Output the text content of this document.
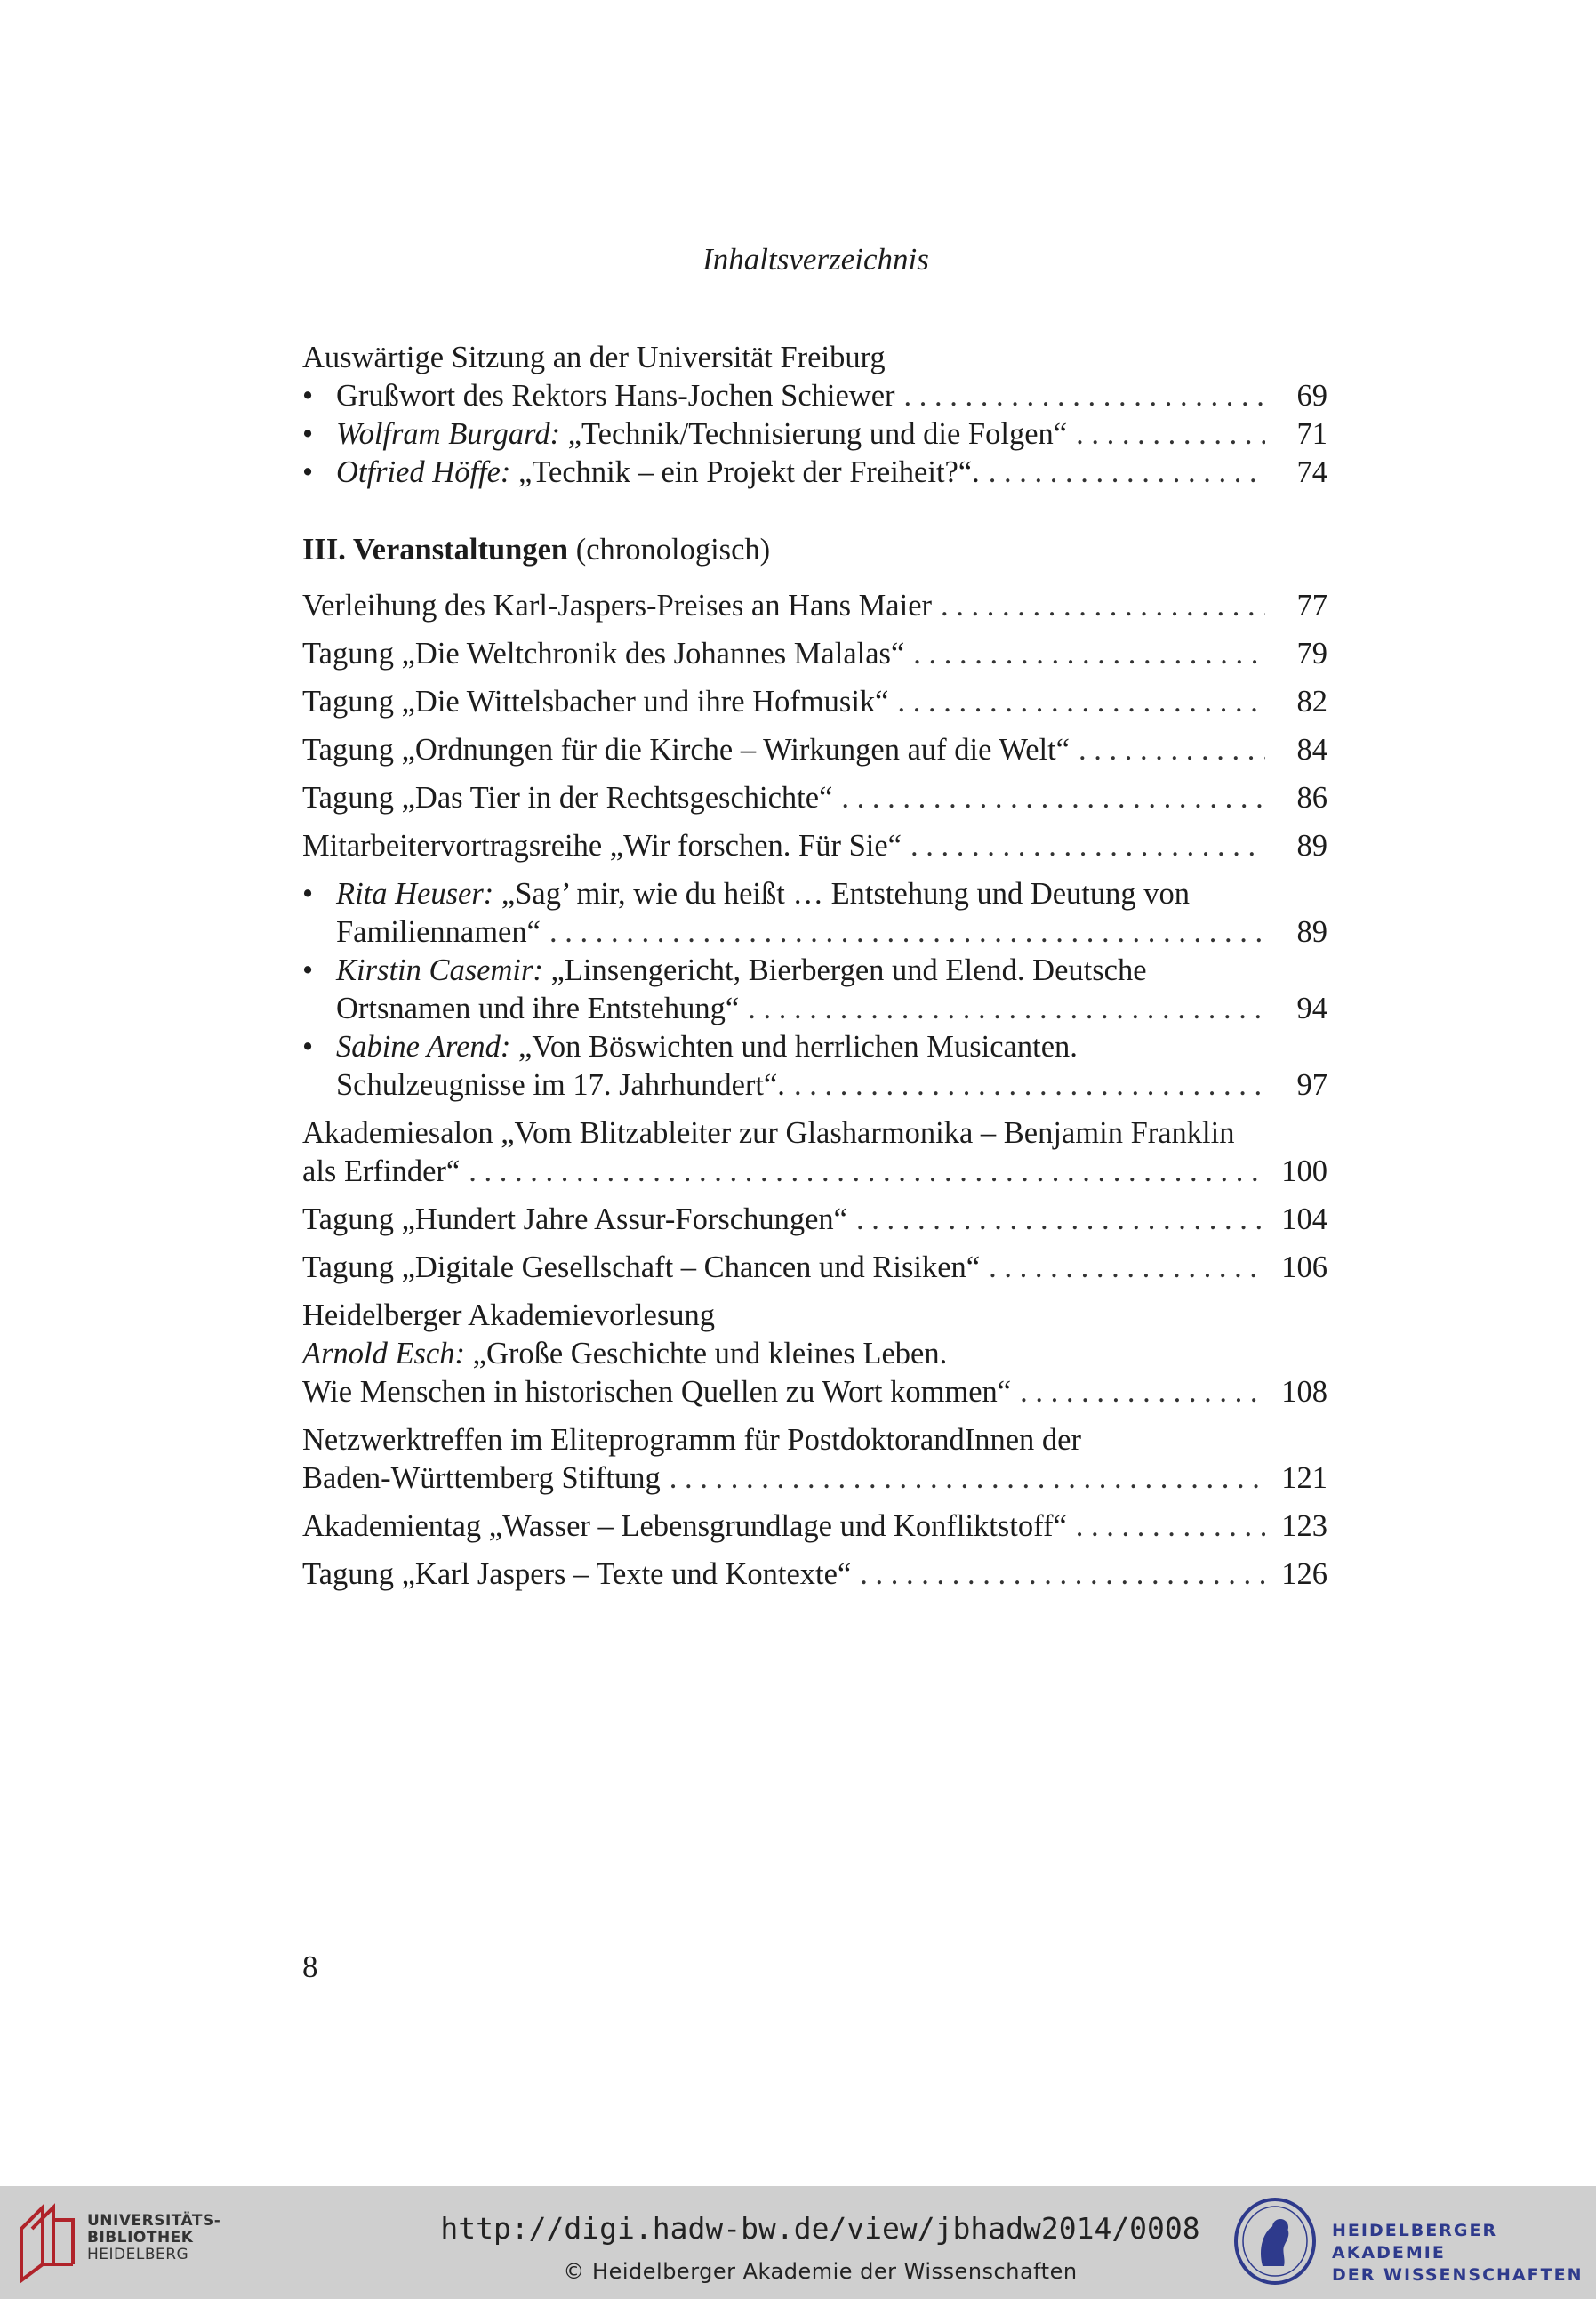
Inhaltsverzeichnis
Auswärtige Sitzung an der Universität Freiburg
• Grußwort des Rektors Hans-Jochen Schiewer . . .	69
• Wolfram Burgard: „Technik/Technisierung und die Folgen“ . . .	71
• Otfried Höffe: „Technik – ein Projekt der Freiheit?“. . . .	74
III. Veranstaltungen (chronologisch)
Verleihung des Karl-Jaspers-Preises an Hans Maier . . .	77
Tagung „Die Weltchronik des Johannes Malalas“ . . .	79
Tagung „Die Wittelsbacher und ihre Hofmusik“ . . .	82
Tagung „Ordnungen für die Kirche – Wirkungen auf die Welt“ . . .	84
Tagung „Das Tier in der Rechtsgeschichte“ . . .	86
Mitarbeitervortragsreihe „Wir forschen. Für Sie“ . . .	89
• Rita Heuser: „Sag’ mir, wie du heißt … Entstehung und Deutung von
Familiennamen“ . . .	89
• Kirstin Casemir: „Linsengericht, Bierbergen und Elend. Deutsche
Ortsnamen und ihre Entstehung“ . . .	94
• Sabine Arend: „Von Böswichten und herrlichen Musicanten.
Schulzeugnisse im 17. Jahrhundert“. . . .	97
Akademiesalon „Vom Blitzableiter zur Glasharmonika – Benjamin Franklin
als Erfinder“ . . .	100
Tagung „Hundert Jahre Assur-Forschungen“ . . .	104
Tagung „Digitale Gesellschaft – Chancen und Risiken“ . . .	106
Heidelberger Akademievorlesung
Arnold Esch: „Große Geschichte und kleines Leben.
Wie Menschen in historischen Quellen zu Wort kommen“ . . .	108
Netzwerktreffen im Eliteprogramm für PostdoktorandInnen der
Baden-Württemberg Stiftung . . .	121
Akademientag „Wasser – Lebensgrundlage und Konfliktstoff“ . . .	123
Tagung „Karl Jaspers – Texte und Kontexte“ . . .	126
8
UNIVERSITÄTS-
BIBLIOTHEK
HEIDELBERG
http://digi.hadw-bw.de/view/jbhadw2014/0008
© Heidelberger Akademie der Wissenschaften
HEIDELBERGER AKADEMIE
DER WISSENSCHAFTEN
